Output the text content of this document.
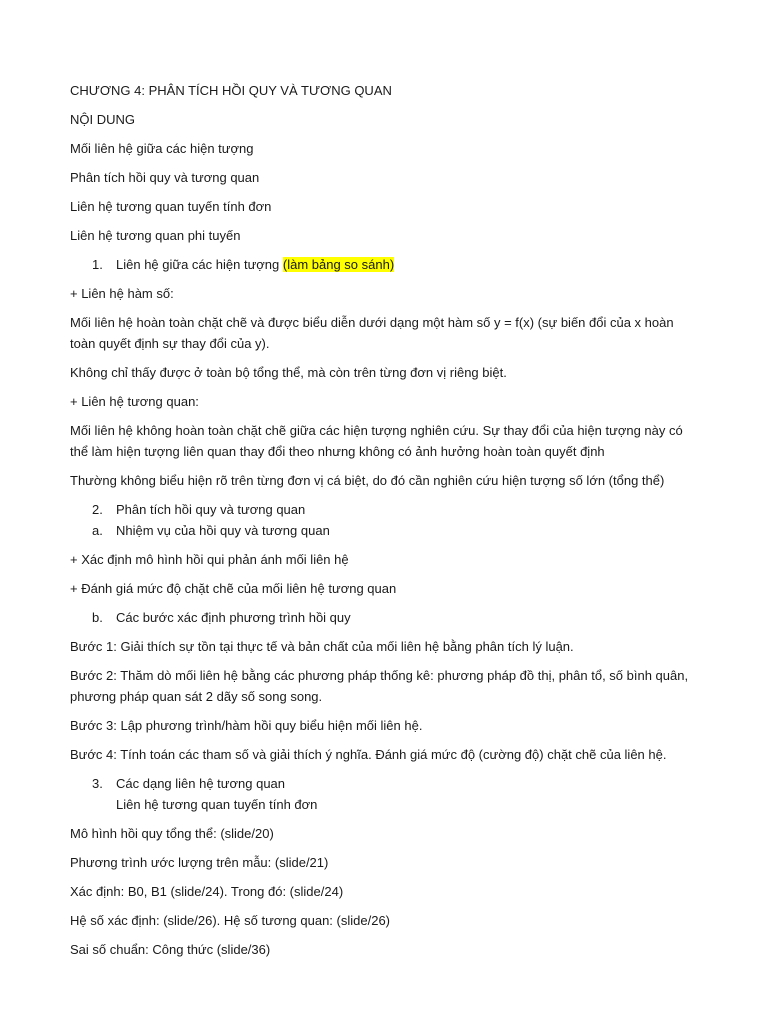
CHƯƠNG 4: PHÂN TÍCH HỒI QUY VÀ TƯƠNG QUAN
NỘI DUNG
Mối liên hệ giữa các hiện tượng
Phân tích hồi quy và tương quan
Liên hệ tương quan tuyến tính đơn
Liên hệ tương quan phi tuyến
1.	Liên hệ giữa các hiện tượng (làm bảng so sánh)
+ Liên hệ hàm số:
Mối liên hệ hoàn toàn chặt chẽ và được biểu diễn dưới dạng một hàm số y = f(x) (sự biến đổi của x hoàn toàn quyết định sự thay đổi của y).
Không chỉ thấy được ở toàn bộ tổng thể, mà còn trên từng đơn vị riêng biệt.
+ Liên hệ tương quan:
Mối liên hệ không hoàn toàn chặt chẽ giữa các hiện tượng nghiên cứu. Sự thay đổi của hiện tượng này có thể làm hiện tượng liên quan thay đổi theo nhưng không có ảnh hưởng hoàn toàn quyết định
Thường không biểu hiện rõ trên từng đơn vị cá biệt, do đó cần nghiên cứu hiện tượng số lớn (tổng thể)
2.	Phân tích hồi quy và tương quan
a.	Nhiệm vụ của hồi quy và tương quan
+ Xác định mô hình hồi qui phản ánh mối liên hệ
+ Đánh giá mức độ chặt chẽ của mối liên hệ tương quan
b.	Các bước xác định phương trình hồi quy
Bước 1: Giải thích sự tồn tại thực tế và bản chất của mối liên hệ bằng phân tích lý luận.
Bước 2: Thăm dò mối liên hệ bằng các phương pháp thống kê: phương pháp đồ thị, phân tổ, số bình quân, phương pháp quan sát 2 dãy số song song.
Bước 3: Lập phương trình/hàm hồi quy biểu hiện mối liên hệ.
Bước 4: Tính toán các tham số và giải thích ý nghĩa. Đánh giá mức độ (cường độ) chặt chẽ của liên hệ.
3.	Các dạng liên hệ tương quan
Liên hệ tương quan tuyến tính đơn
Mô hình hồi quy tổng thể: (slide/20)
Phương trình ước lượng trên mẫu: (slide/21)
Xác định: B0, B1 (slide/24). Trong đó: (slide/24)
Hệ số xác định: (slide/26). Hệ số tương quan: (slide/26)
Sai số chuẩn: Công thức (slide/36)
